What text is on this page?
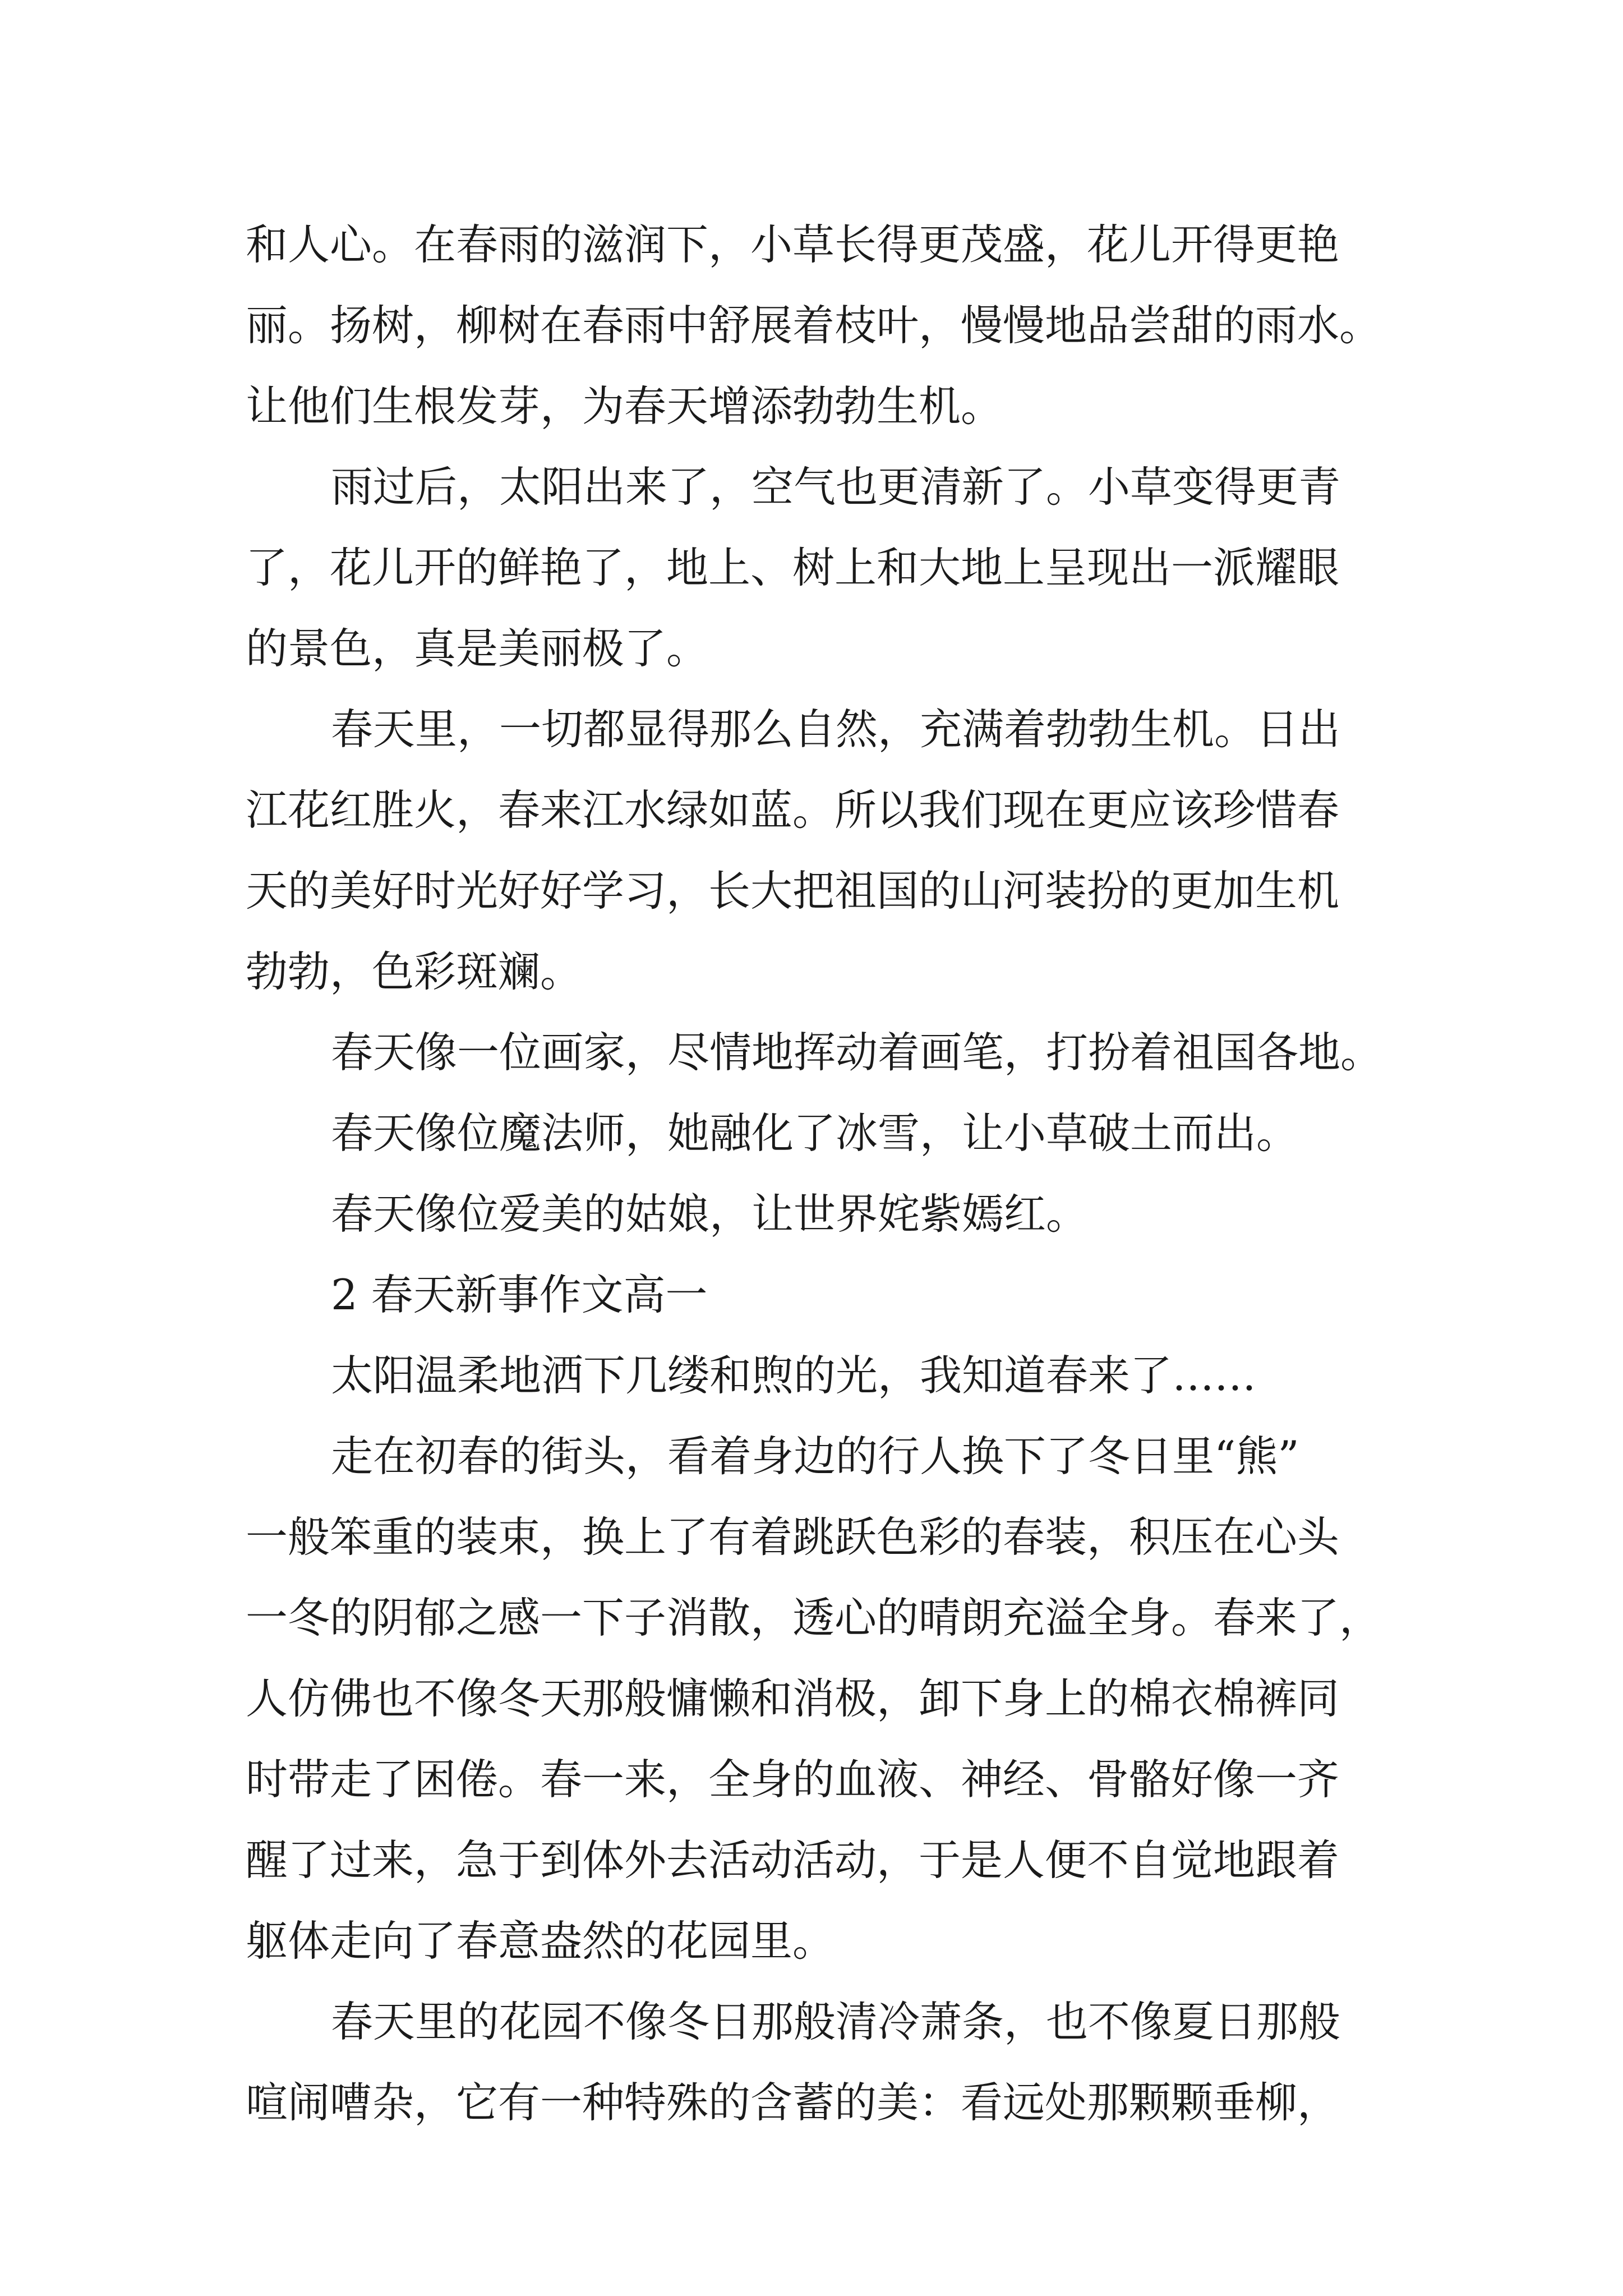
和人心。在春雨的滋润下，小草长得更茂盛，花儿开得更艳
丽。扬树，柳树在春雨中舒展着枝叶，慢慢地品尝甜的雨水。
让他们生根发芽，为春天增添勃勃生机。
雨过后，太阳出来了，空气也更清新了。小草变得更青
了，花儿开的鲜艳了，地上、树上和大地上呈现出一派耀眼
的景色，真是美丽极了。
春天里，一切都显得那么自然，充满着勃勃生机。日出
江花红胜火，春来江水绿如蓝。所以我们现在更应该珍惜春
天的美好时光好好学习，长大把祖国的山河装扮的更加生机
勃勃，色彩斑斓。
春天像一位画家，尽情地挥动着画笔，打扮着祖国各地。
春天像位魔法师，她融化了冰雪，让小草破土而出。
春天像位爱美的姑娘，让世界姹紫嫣红。
2 春天新事作文高一
太阳温柔地洒下几缕和煦的光，我知道春来了……
走在初春的街头，看着身边的行人换下了冬日里“熊”
一般笨重的装束，换上了有着跳跃色彩的春装，积压在心头
一冬的阴郁之感一下子消散，透心的晴朗充溢全身。春来了，
人仿佛也不像冬天那般慵懒和消极，卸下身上的棉衣棉裤同
时带走了困倦。春一来，全身的血液、神经、骨骼好像一齐
醒了过来，急于到体外去活动活动，于是人便不自觉地跟着
躯体走向了春意盎然的花园里。
春天里的花园不像冬日那般清冷萧条，也不像夏日那般
喧闹嘈杂，它有一种特殊的含蓄的美：看远处那颗颗垂柳，
